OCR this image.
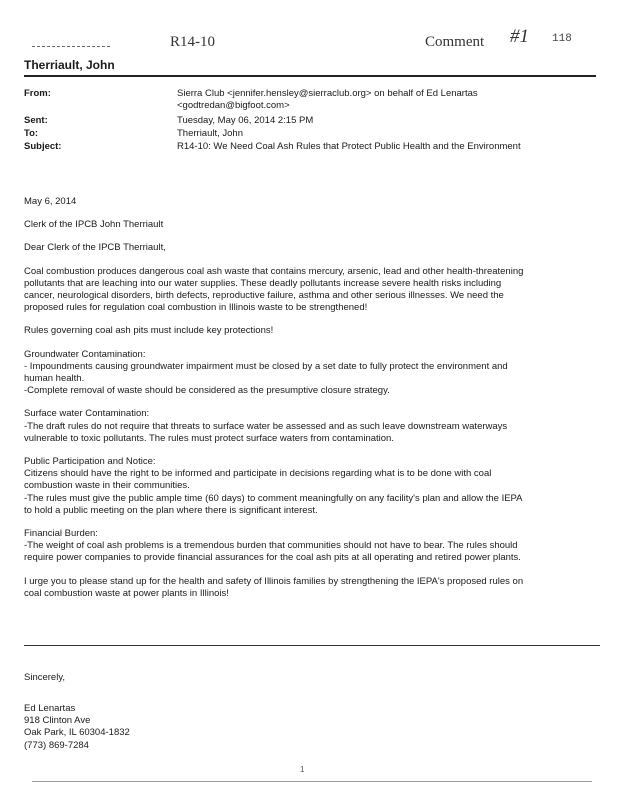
R14-10	Comment #1 118
Therriault, John
From:	Sierra Club <jennifer.hensley@sierraclub.org> on behalf of Ed Lenartas
<godtredan@bigfoot.com>
Sent:	Tuesday, May 06, 2014 2:15 PM
To:	Therriault, John
Subject:	R14-10: We Need Coal Ash Rules that Protect Public Health and the Environment

May 6, 2014

Clerk of the IPCB John Therriault

Dear Clerk of the IPCB Therriault,

Coal combustion produces dangerous coal ash waste that contains mercury, arsenic, lead and other health-threatening
pollutants that are leaching into our water supplies. These deadly pollutants increase severe health risks including
cancer, neurological disorders, birth defects, reproductive failure, asthma and other serious illnesses. We need the
proposed rules for regulation coal combustion in Illinois waste to be strengthened!

Rules governing coal ash pits must include key protections!

Groundwater Contamination:
- Impoundments causing groundwater impairment must be closed by a set date to fully protect the environment and
human health.
-Complete removal of waste should be considered as the presumptive closure strategy.

Surface water Contamination:
-The draft rules do not require that threats to surface water be assessed and as such leave downstream waterways
vulnerable to toxic pollutants. The rules must protect surface waters from contamination.

Public Participation and Notice:
Citizens should have the right to be informed and participate in decisions regarding what is to be done with coal
combustion waste in their communities.
-The rules must give the public ample time (60 days) to comment meaningfully on any facility's plan and allow the IEPA
to hold a public meeting on the plan where there is significant interest.

Financial Burden:
-The weight of coal ash problems is a tremendous burden that communities should not have to bear. The rules should
require power companies to provide financial assurances for the coal ash pits at all operating and retired power plants.

I urge you to please stand up for the health and safety of Illinois families by strengthening the IEPA's proposed rules on
coal combustion waste at power plants in Illinois!

Sincerely,
Ed Lenartas
918 Clinton Ave
Oak Park, IL 60304-1832
(773) 869-7284
1
